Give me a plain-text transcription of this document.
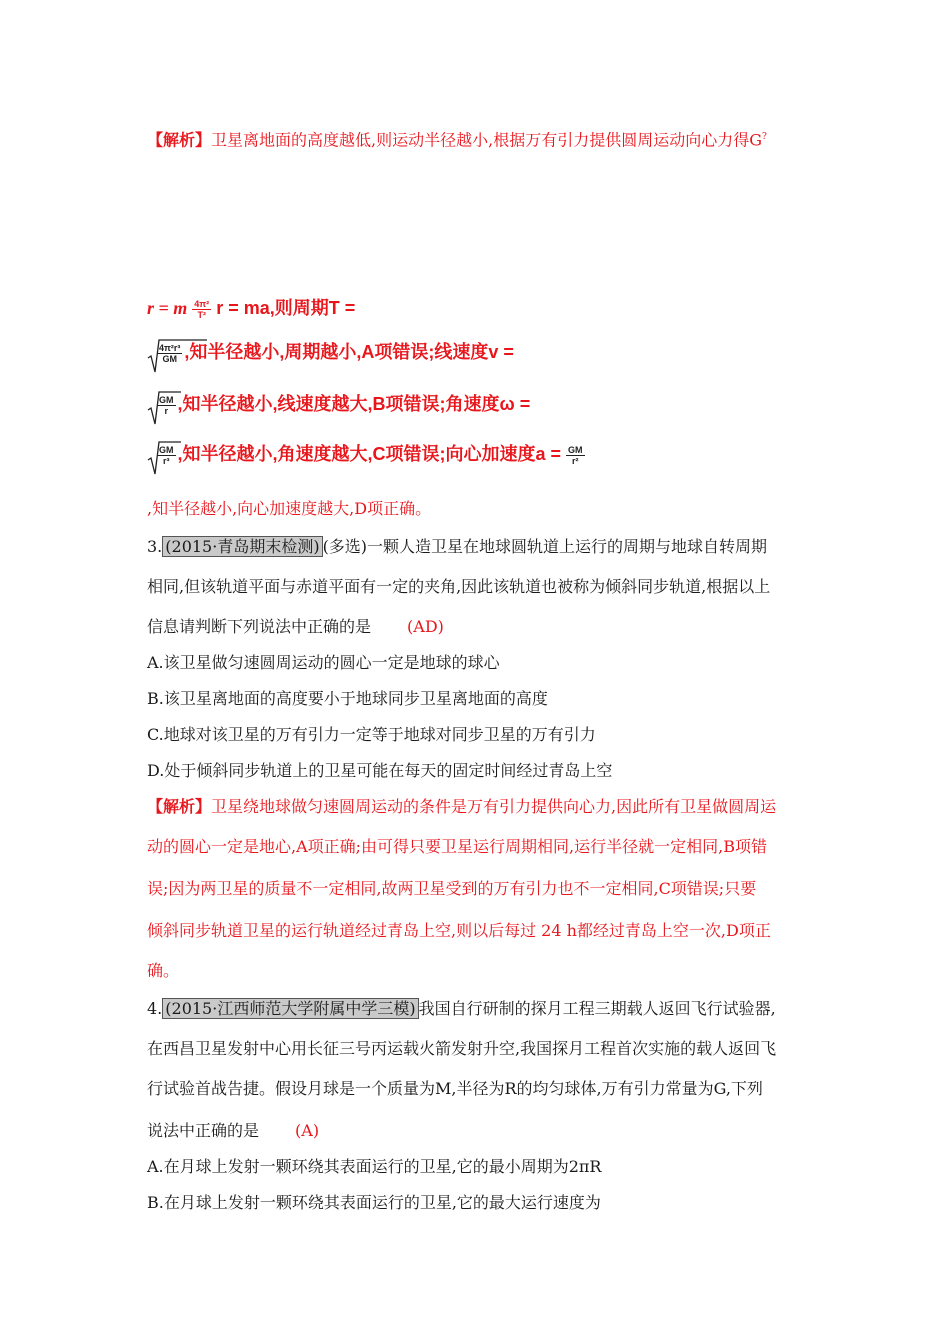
【解析】卫星离地面的高度越低,则运动半径越小,根据万有引力提供圆周运动向心力得G?
r = m $\frac{\text{4π²}}{\text{T²}}$ r = ma,则周期T =
$\frac{\text{4π²r³}}{GM}$ ,知半径越小,周期越小,A项错误;线速度v =
$\frac{GM}{r}$ ,知半径越小,线速度越大,B项错误;角速度ω =
$\frac{GM}{\text{r³}}$ ,知半径越小,角速度越大,C项错误;向心加速度$a = \frac{GM}{\text{r²}}$
,知半径越小,向心加速度越大,D项正确。
3. (2015·青岛期末检测) (多选)一颗人造卫星在地球圆轨道上运行的周期与地球自转周期
相同,但该轨道平面与赤道平面有一定的夹角,因此该轨道也被称为倾斜同步轨道,根据以上
信息请判断下列说法中正确的是 (AD)
A.该卫星做匀速圆周运动的圆心一定是地球的球心
B.该卫星离地面的高度要小于地球同步卫星离地面的高度
C.地球对该卫星的万有引力一定等于地球对同步卫星的万有引力
D.处于倾斜同步轨道上的卫星可能在每天的固定时间经过青岛上空
【解析】卫星绕地球做匀速圆周运动的条件是万有引力提供向心力,因此所有卫星做圆周运
动的圆心一定是地心,A项正确;由可得只要卫星运行周期相同,运行半径就一定相同,B项错
误;因为两卫星的质量不一定相同,故两卫星受到的万有引力也不一定相同,C项错误;只要
倾斜同步轨道卫星的运行轨道经过青岛上空,则以后每过 24 h都经过青岛上空一次,D项正
确。
4. (2015·江西师范大学附属中学三模) 我国自行研制的探月工程三期载人返回飞行试验器,
在西昌卫星发射中心用长征三号丙运载火箭发射升空,我国探月工程首次实施的载人返回飞
行试验首战告捷。假设月球是一个质量为M,半径为R的均匀球体,万有引力常量为G,下列
说法中正确的是 (A)
A.在月球上发射一颗环绕其表面运行的卫星,它的最小周期为2πR
B.在月球上发射一颗环绕其表面运行的卫星,它的最大运行速度为
